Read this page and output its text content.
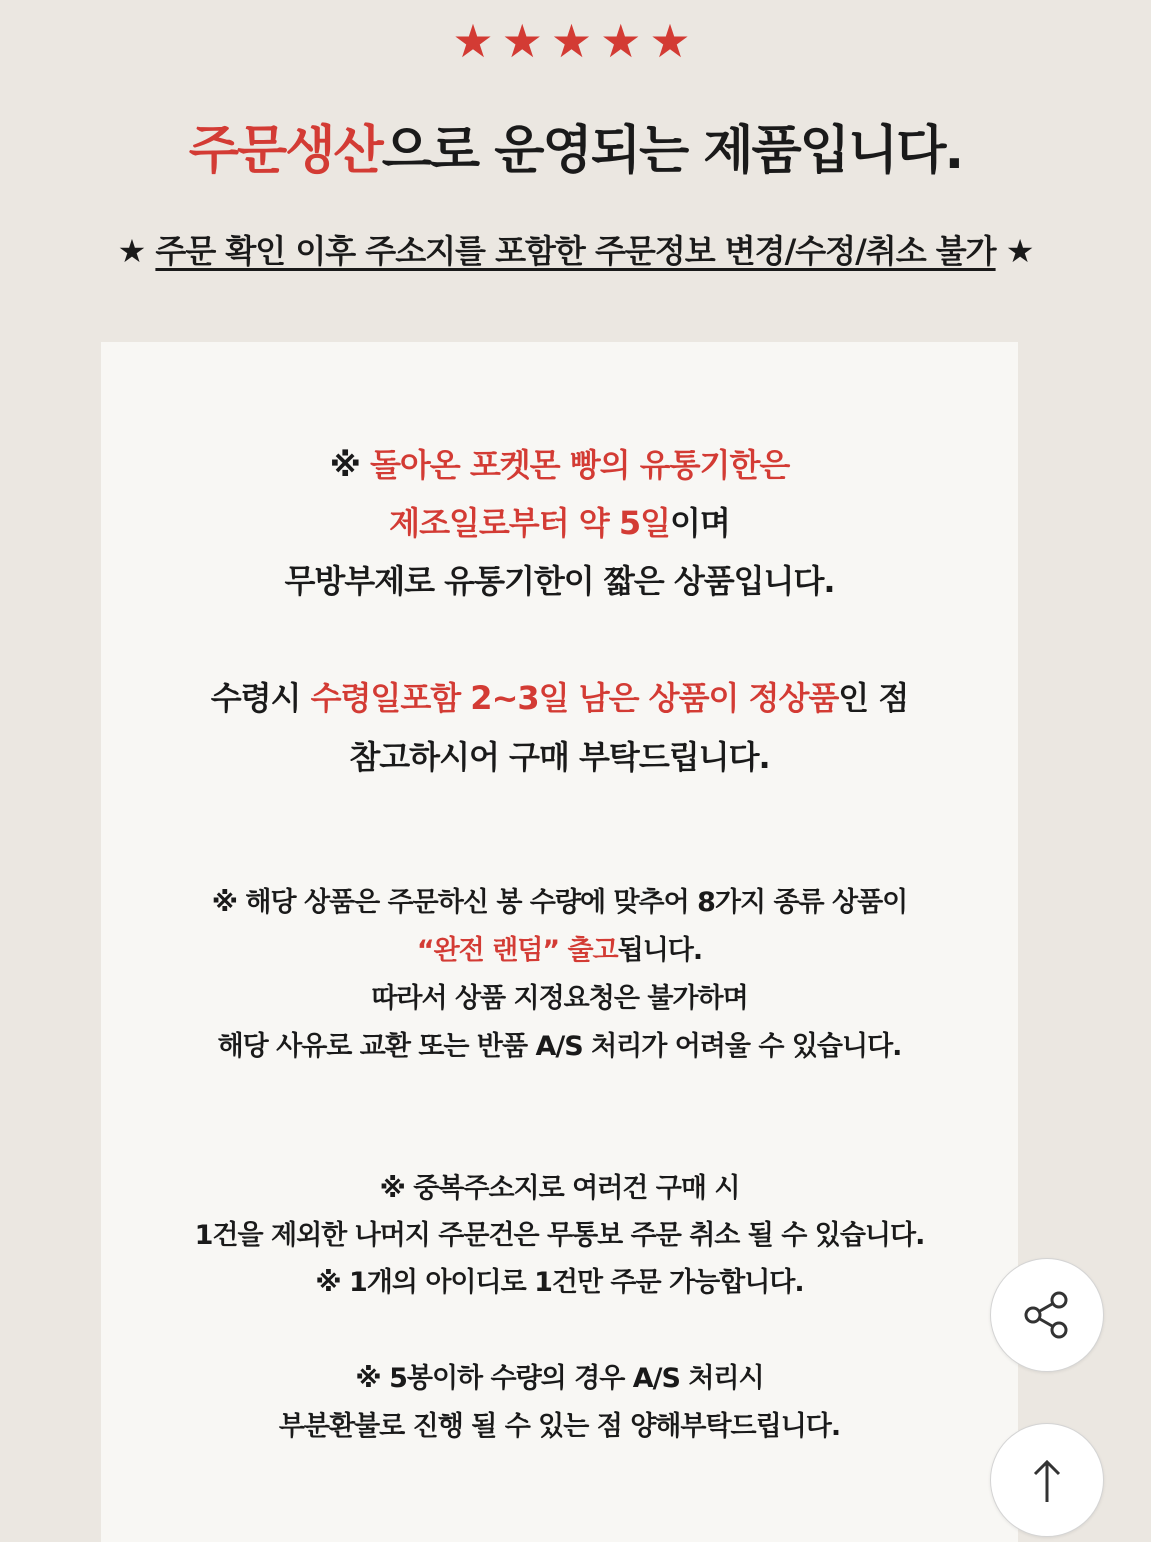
★★★★★
주문생산으로 운영되는 제품입니다.
★ 주문 확인 이후 주소지를 포함한 주문정보 변경/수정/취소 불가 ★
※ 돌아온 포켓몬 빵의 유통기한은
제조일로부터 약 5일이며
무방부제로 유통기한이 짧은 상품입니다.
수령시 수령일포함 2~3일 남은 상품이 정상품인 점
참고하시어 구매 부탁드립니다.
※ 해당 상품은 주문하신 봉 수량에 맞추어 8가지 종류 상품이
“완전 랜덤” 출고됩니다.
따라서 상품 지정요청은 불가하며
해당 사유로 교환 또는 반품 A/S 처리가 어려울 수 있습니다.
※ 중복주소지로 여러건 구매 시
1건을 제외한 나머지 주문건은 무통보 주문 취소 될 수 있습니다.
※ 1개의 아이디로 1건만 주문 가능합니다.
※ 5봉이하 수량의 경우 A/S 처리시
부분환불로 진행 될 수 있는 점 양해부탁드립니다.
